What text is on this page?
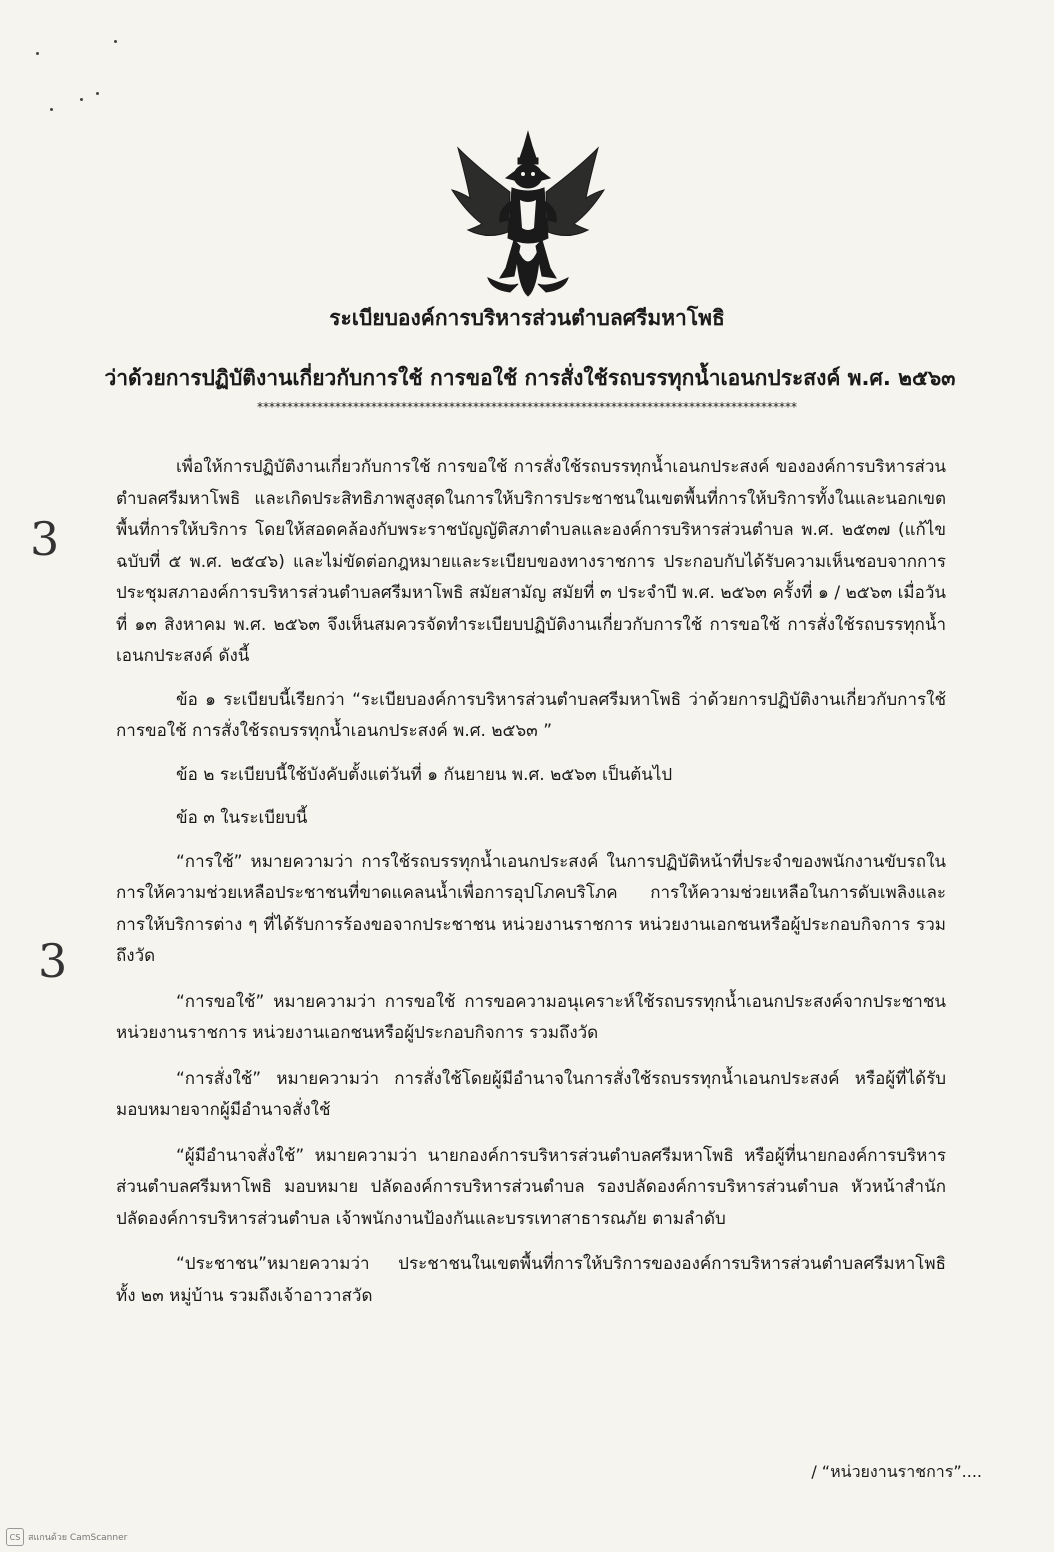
ระเบียบองค์การบริหารส่วนตำบลศรีมหาโพธิ

ว่าด้วยการปฏิบัติงานเกี่ยวกับการใช้ การขอใช้ การสั่งใช้รถบรรทุกน้ำเอนกประสงค์ พ.ศ. ๒๕๖๓

******************************************************************************************

3
3

เพื่อให้การปฏิบัติงานเกี่ยวกับการใช้ การขอใช้ การสั่งใช้รถบรรทุกน้ำเอนกประสงค์ ขององค์การบริหารส่วนตำบลศรีมหาโพธิ และเกิดประสิทธิภาพสูงสุดในการให้บริการประชาชนในเขตพื้นที่การให้บริการทั้งในและนอกเขตพื้นที่การให้บริการ โดยให้สอดคล้องกับพระราชบัญญัติสภาตำบลและองค์การบริหารส่วนตำบล พ.ศ. ๒๕๓๗ (แก้ไขฉบับที่ ๕ พ.ศ. ๒๕๔๖) และไม่ขัดต่อกฎหมายและระเบียบของทางราชการ ประกอบกับได้รับความเห็นชอบจากการประชุมสภาองค์การบริหารส่วนตำบลศรีมหาโพธิ สมัยสามัญ สมัยที่ ๓ ประจำปี พ.ศ. ๒๕๖๓ ครั้งที่ ๑ / ๒๕๖๓ เมื่อวันที่ ๑๓ สิงหาคม พ.ศ. ๒๕๖๓ จึงเห็นสมควรจัดทำระเบียบปฏิบัติงานเกี่ยวกับการใช้ การขอใช้ การสั่งใช้รถบรรทุกน้ำเอนกประสงค์ ดังนี้

ข้อ ๑ ระเบียบนี้เรียกว่า “ระเบียบองค์การบริหารส่วนตำบลศรีมหาโพธิ ว่าด้วยการปฏิบัติงานเกี่ยวกับการใช้ การขอใช้ การสั่งใช้รถบรรทุกน้ำเอนกประสงค์ พ.ศ. ๒๕๖๓ ”

ข้อ ๒ ระเบียบนี้ใช้บังคับตั้งแต่วันที่ ๑ กันยายน พ.ศ. ๒๕๖๓ เป็นต้นไป

ข้อ ๓ ในระเบียบนี้

“การใช้” หมายความว่า การใช้รถบรรทุกน้ำเอนกประสงค์ ในการปฏิบัติหน้าที่ประจำของพนักงานขับรถในการให้ความช่วยเหลือประชาชนที่ขาดแคลนน้ำเพื่อการอุปโภคบริโภค การให้ความช่วยเหลือในการดับเพลิงและการให้บริการต่าง ๆ ที่ได้รับการร้องขอจากประชาชน หน่วยงานราชการ หน่วยงานเอกชนหรือผู้ประกอบกิจการ รวมถึงวัด

“การขอใช้” หมายความว่า การขอใช้ การขอความอนุเคราะห์ใช้รถบรรทุกน้ำเอนกประสงค์จากประชาชน หน่วยงานราชการ หน่วยงานเอกชนหรือผู้ประกอบกิจการ รวมถึงวัด

“การสั่งใช้” หมายความว่า การสั่งใช้โดยผู้มีอำนาจในการสั่งใช้รถบรรทุกน้ำเอนกประสงค์ หรือผู้ที่ได้รับมอบหมายจากผู้มีอำนาจสั่งใช้

“ผู้มีอำนาจสั่งใช้” หมายความว่า นายกองค์การบริหารส่วนตำบลศรีมหาโพธิ หรือผู้ที่นายกองค์การบริหารส่วนตำบลศรีมหาโพธิ มอบหมาย ปลัดองค์การบริหารส่วนตำบล รองปลัดองค์การบริหารส่วนตำบล หัวหน้าสำนักปลัดองค์การบริหารส่วนตำบล เจ้าพนักงานป้องกันและบรรเทาสาธารณภัย ตามลำดับ

“ประชาชน”หมายความว่า ประชาชนในเขตพื้นที่การให้บริการขององค์การบริหารส่วนตำบลศรีมหาโพธิ ทั้ง ๒๓ หมู่บ้าน รวมถึงเจ้าอาวาสวัด

/ “หน่วยงานราชการ”....

CS สแกนด้วย CamScanner
